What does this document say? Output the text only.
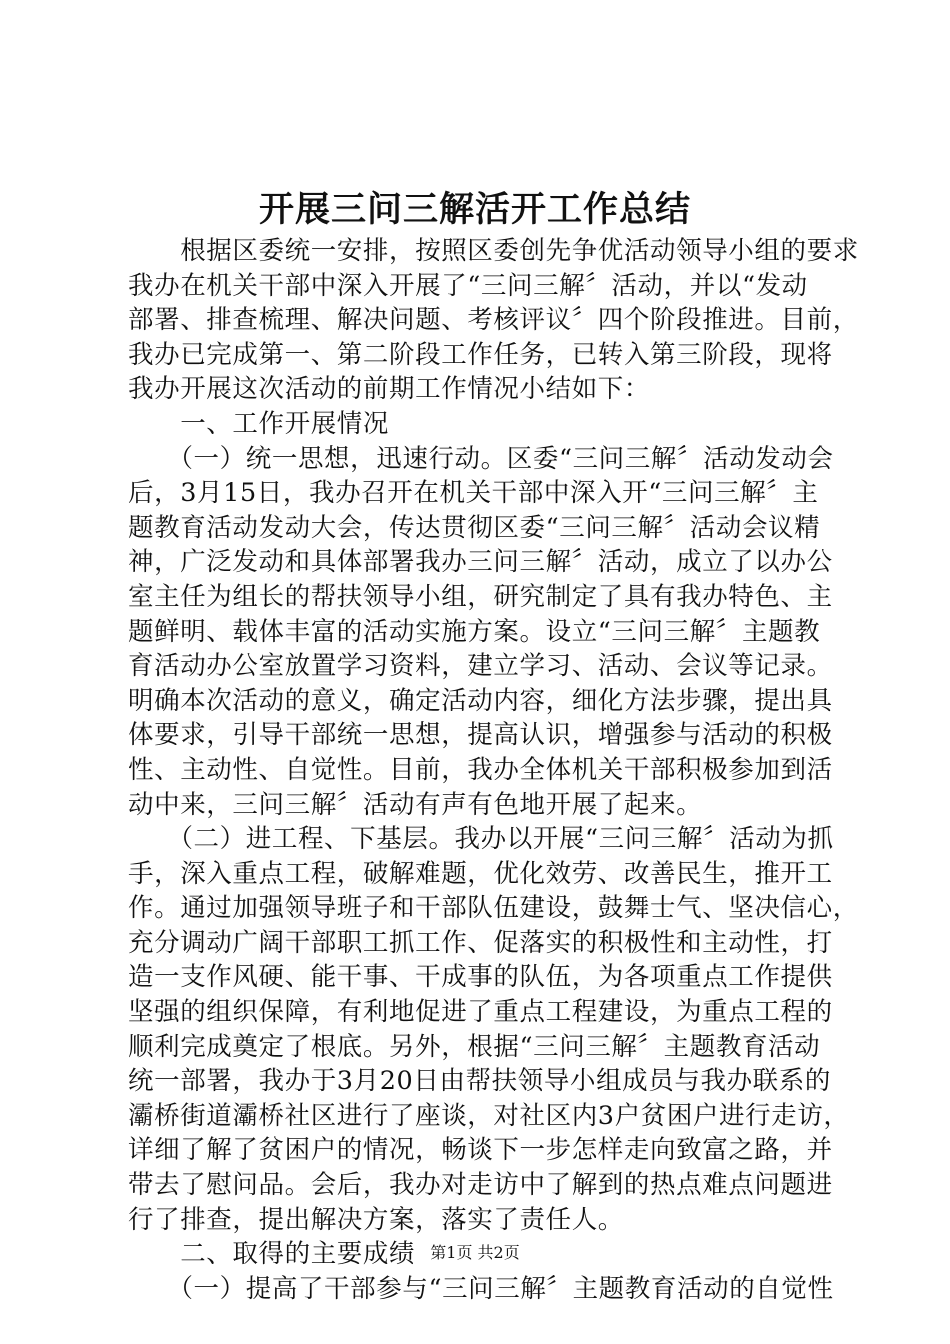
开展三问三解活开工作总结
　　根据区委统一安排，按照区委创先争优活动领导小组的要求
我办在机关干部中深入开展了“三问三解〞活动，并以“发动
部署、排查梳理、解决问题、考核评议〞四个阶段推进。目前，
我办已完成第一、第二阶段工作任务，已转入第三阶段，现将
我办开展这次活动的前期工作情况小结如下：
　　一、工作开展情况
　　（一）统一思想，迅速行动。区委“三问三解〞活动发动会
后，3月15日，我办召开在机关干部中深入开“三问三解〞主
题教育活动发动大会，传达贯彻区委“三问三解〞活动会议精
神，广泛发动和具体部署我办三问三解〞活动，成立了以办公
室主任为组长的帮扶领导小组，研究制定了具有我办特色、主
题鲜明、载体丰富的活动实施方案。设立“三问三解〞主题教
育活动办公室放置学习资料，建立学习、活动、会议等记录。
明确本次活动的意义，确定活动内容，细化方法步骤，提出具
体要求，引导干部统一思想，提高认识，增强参与活动的积极
性、主动性、自觉性。目前，我办全体机关干部积极参加到活
动中来，三问三解〞活动有声有色地开展了起来。
　　（二）进工程、下基层。我办以开展“三问三解〞活动为抓
手，深入重点工程，破解难题，优化效劳、改善民生，推开工
作。通过加强领导班子和干部队伍建设，鼓舞士气、坚决信心，
充分调动广阔干部职工抓工作、促落实的积极性和主动性，打
造一支作风硬、能干事、干成事的队伍，为各项重点工作提供
坚强的组织保障，有利地促进了重点工程建设，为重点工程的
顺利完成奠定了根底。另外，根据“三问三解〞主题教育活动
统一部署，我办于3月20日由帮扶领导小组成员与我办联系的
灞桥街道灞桥社区进行了座谈，对社区内3户贫困户进行走访，
详细了解了贫困户的情况，畅谈下一步怎样走向致富之路，并
带去了慰问品。会后，我办对走访中了解到的热点难点问题进
行了排查，提出解决方案，落实了责任人。
　　二、取得的主要成绩
　　（一）提高了干部参与“三问三解〞主题教育活动的自觉性
第1页 共2页
